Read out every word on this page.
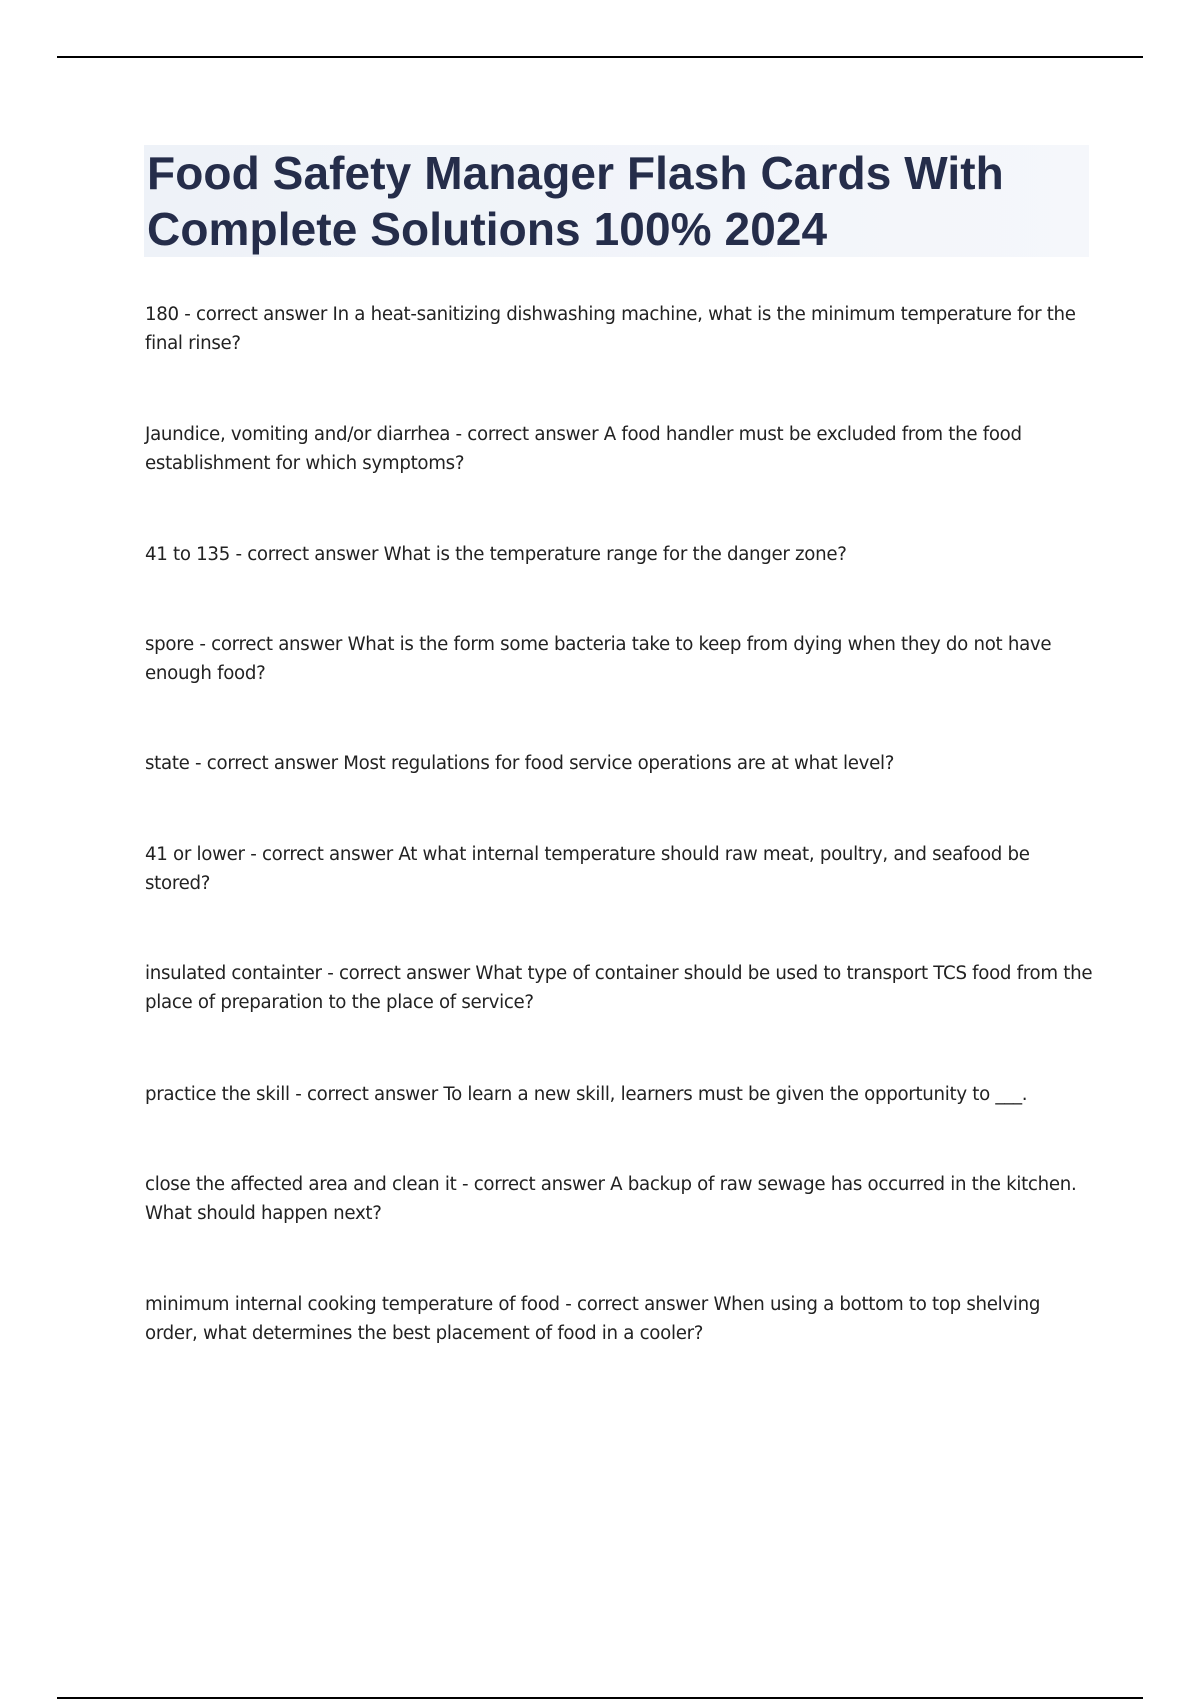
Food Safety Manager Flash Cards With Complete Solutions 100% 2024

180 - correct answer In a heat-sanitizing dishwashing machine, what is the minimum temperature for the final rinse?

Jaundice, vomiting and/or diarrhea - correct answer A food handler must be excluded from the food establishment for which symptoms?

41 to 135 - correct answer What is the temperature range for the danger zone?

spore - correct answer What is the form some bacteria take to keep from dying when they do not have enough food?

state - correct answer Most regulations for food service operations are at what level?

41 or lower - correct answer At what internal temperature should raw meat, poultry, and seafood be stored?

insulated containter - correct answer What type of container should be used to transport TCS food from the place of preparation to the place of service?

practice the skill - correct answer To learn a new skill, learners must be given the opportunity to ___.

close the affected area and clean it - correct answer A backup of raw sewage has occurred in the kitchen. What should happen next?

minimum internal cooking temperature of food - correct answer When using a bottom to top shelving order, what determines the best placement of food in a cooler?
